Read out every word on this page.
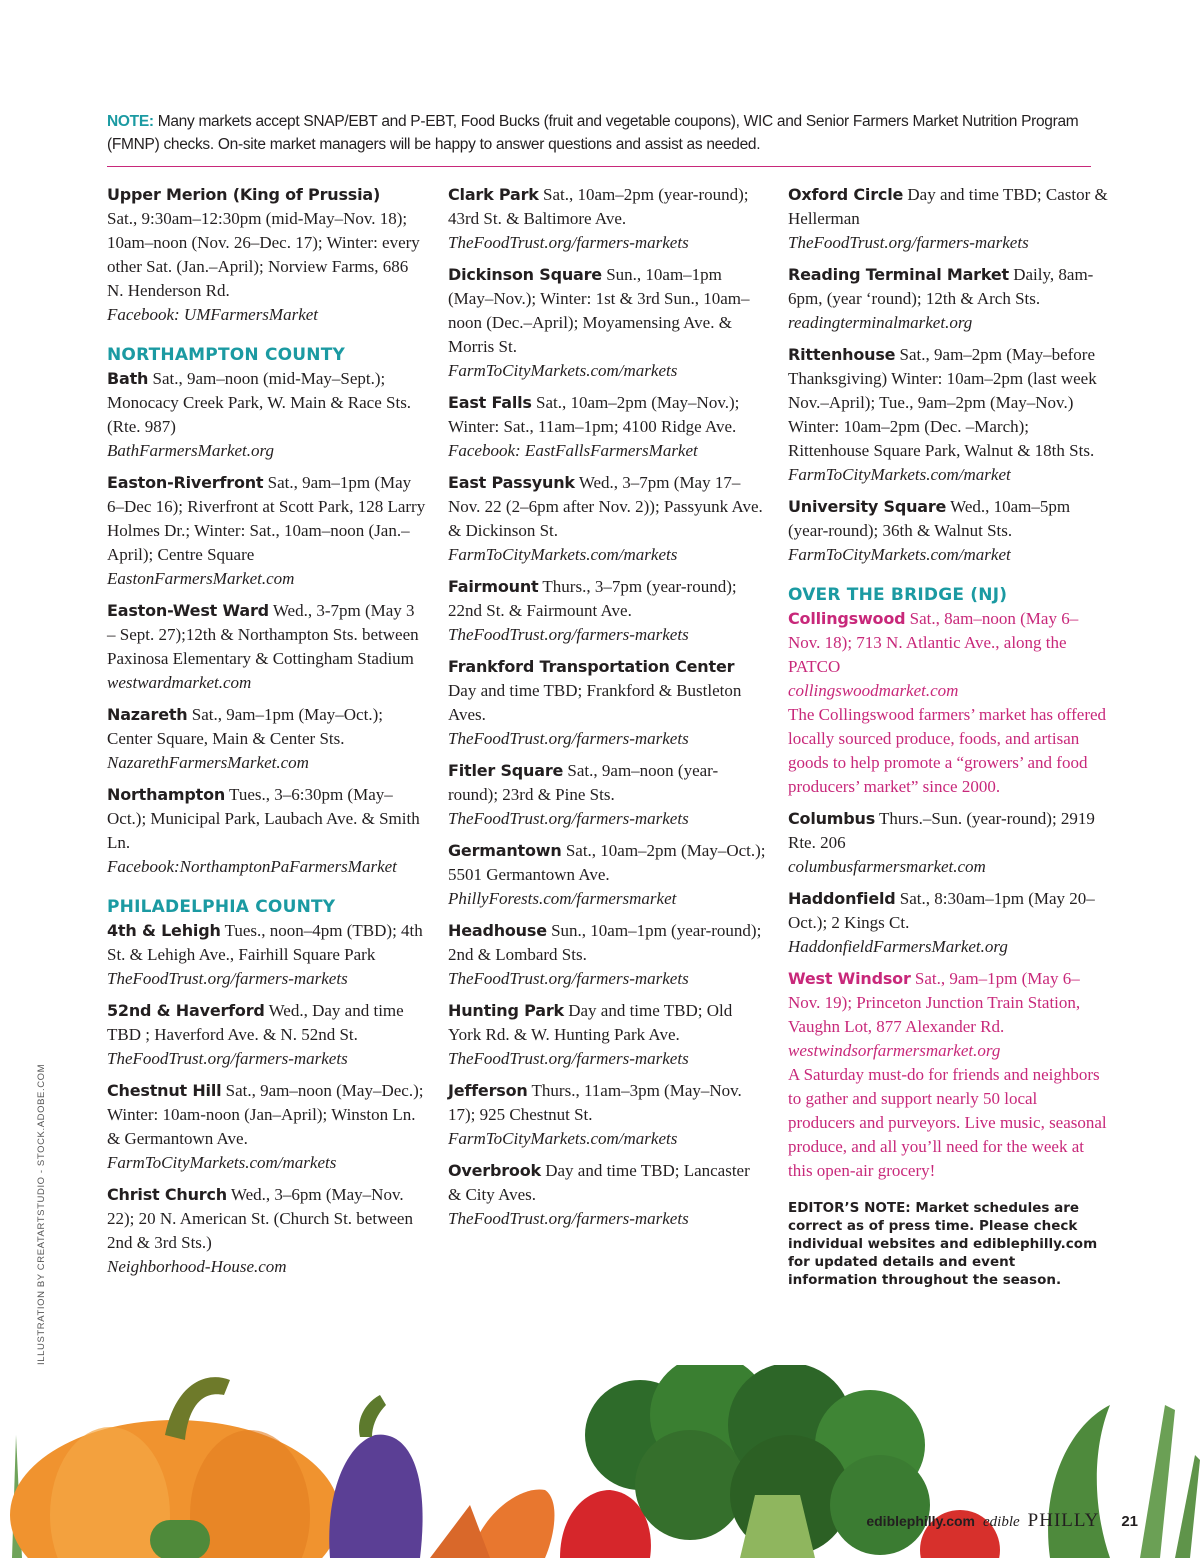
NOTE: Many markets accept SNAP/EBT and P-EBT, Food Bucks (fruit and vegetable coupons), WIC and Senior Farmers Market Nutrition Program (FMNP) checks. On-site market managers will be happy to answer questions and assist as needed.
Upper Merion (King of Prussia)
Sat., 9:30am–12:30pm (mid-May–Nov. 18); 10am–noon (Nov. 26–Dec. 17); Winter: every other Sat. (Jan.–April); Norview Farms, 686 N. Henderson Rd.
Facebook: UMFarmersMarket
NORTHAMPTON COUNTY
Bath Sat., 9am–noon (mid-May–Sept.); Monocacy Creek Park, W. Main & Race Sts. (Rte. 987)
BathFarmersMarket.org
Easton-Riverfront Sat., 9am–1pm (May 6–Dec 16); Riverfront at Scott Park, 128 Larry Holmes Dr.; Winter: Sat., 10am–noon (Jan.–April); Centre Square
EastonFarmersMarket.com
Easton-West Ward Wed., 3-7pm (May 3 – Sept. 27);12th & Northampton Sts. between Paxinosa Elementary & Cottingham Stadium
westwardmarket.com
Nazareth Sat., 9am–1pm (May–Oct.); Center Square, Main & Center Sts.
NazarethFarmersMarket.com
Northampton Tues., 3–6:30pm (May–Oct.); Municipal Park, Laubach Ave. & Smith Ln.
Facebook:NorthamptonPaFarmersMarket
PHILADELPHIA COUNTY
4th & Lehigh Tues., noon–4pm (TBD); 4th St. & Lehigh Ave., Fairhill Square Park
TheFoodTrust.org/farmers-markets
52nd & Haverford Wed., Day and time TBD ; Haverford Ave. & N. 52nd St.
TheFoodTrust.org/farmers-markets
Chestnut Hill Sat., 9am–noon (May–Dec.); Winter: 10am-noon (Jan–April); Winston Ln. & Germantown Ave.
FarmToCityMarkets.com/markets
Christ Church Wed., 3–6pm (May–Nov. 22); 20 N. American St. (Church St. between 2nd & 3rd Sts.)
Neighborhood-House.com
Clark Park Sat., 10am–2pm (year-round); 43rd St. & Baltimore Ave.
TheFoodTrust.org/farmers-markets
Dickinson Square Sun., 10am–1pm (May–Nov.); Winter: 1st & 3rd Sun., 10am–noon (Dec.–April); Moyamensing Ave. & Morris St.
FarmToCityMarkets.com/markets
East Falls Sat., 10am–2pm (May–Nov.); Winter: Sat., 11am–1pm; 4100 Ridge Ave.
Facebook: EastFallsFarmersMarket
East Passyunk Wed., 3–7pm (May 17–Nov. 22 (2–6pm after Nov. 2)); Passyunk Ave. & Dickinson St.
FarmToCityMarkets.com/markets
Fairmount Thurs., 3–7pm (year-round); 22nd St. & Fairmount Ave.
TheFoodTrust.org/farmers-markets
Frankford Transportation Center Day and time TBD; Frankford & Bustleton Aves.
TheFoodTrust.org/farmers-markets
Fitler Square Sat., 9am–noon (year-round); 23rd & Pine Sts.
TheFoodTrust.org/farmers-markets
Germantown Sat., 10am–2pm (May–Oct.); 5501 Germantown Ave.
PhillyForests.com/farmersmarket
Headhouse Sun., 10am–1pm (year-round); 2nd & Lombard Sts.
TheFoodTrust.org/farmers-markets
Hunting Park Day and time TBD; Old York Rd. & W. Hunting Park Ave.
TheFoodTrust.org/farmers-markets
Jefferson Thurs., 11am–3pm (May–Nov. 17); 925 Chestnut St.
FarmToCityMarkets.com/markets
Overbrook Day and time TBD; Lancaster & City Aves.
TheFoodTrust.org/farmers-markets
Oxford Circle Day and time TBD; Castor & Hellerman
TheFoodTrust.org/farmers-markets
Reading Terminal Market Daily, 8am-6pm, (year ‘round); 12th & Arch Sts.
readingterminalmarket.org
Rittenhouse Sat., 9am–2pm (May–before Thanksgiving) Winter: 10am–2pm (last week Nov.–April); Tue., 9am–2pm (May–Nov.) Winter: 10am–2pm (Dec. –March); Rittenhouse Square Park, Walnut & 18th Sts.
FarmToCityMarkets.com/market
University Square Wed., 10am–5pm (year-round); 36th & Walnut Sts.
FarmToCityMarkets.com/market
OVER THE BRIDGE (NJ)
Collingswood Sat., 8am–noon (May 6–Nov. 18); 713 N. Atlantic Ave., along the PATCO
collingswoodmarket.com
The Collingswood farmers’ market has offered locally sourced produce, foods, and artisan goods to help promote a “growers’ and food producers’ market” since 2000.
Columbus Thurs.–Sun. (year-round); 2919 Rte. 206
columbusfarmersmarket.com
Haddonfield Sat., 8:30am–1pm (May 20–Oct.); 2 Kings Ct.
HaddonfieldFarmersMarket.org
West Windsor Sat., 9am–1pm (May 6–Nov. 19); Princeton Junction Train Station, Vaughn Lot, 877 Alexander Rd.
westwindsorfarmersmarket.org
A Saturday must-do for friends and neighbors to gather and support nearly 50 local producers and purveyors. Live music, seasonal produce, and all you’ll need for the week at this open-air grocery!
EDITOR’S NOTE: Market schedules are correct as of press time. Please check individual websites and ediblephilly.com for updated details and event information throughout the season.
ILLUSTRATION BY CREATARTSTUDIO - STOCK.ADOBE.COM
ediblephilly.com edible PHILLY 21
